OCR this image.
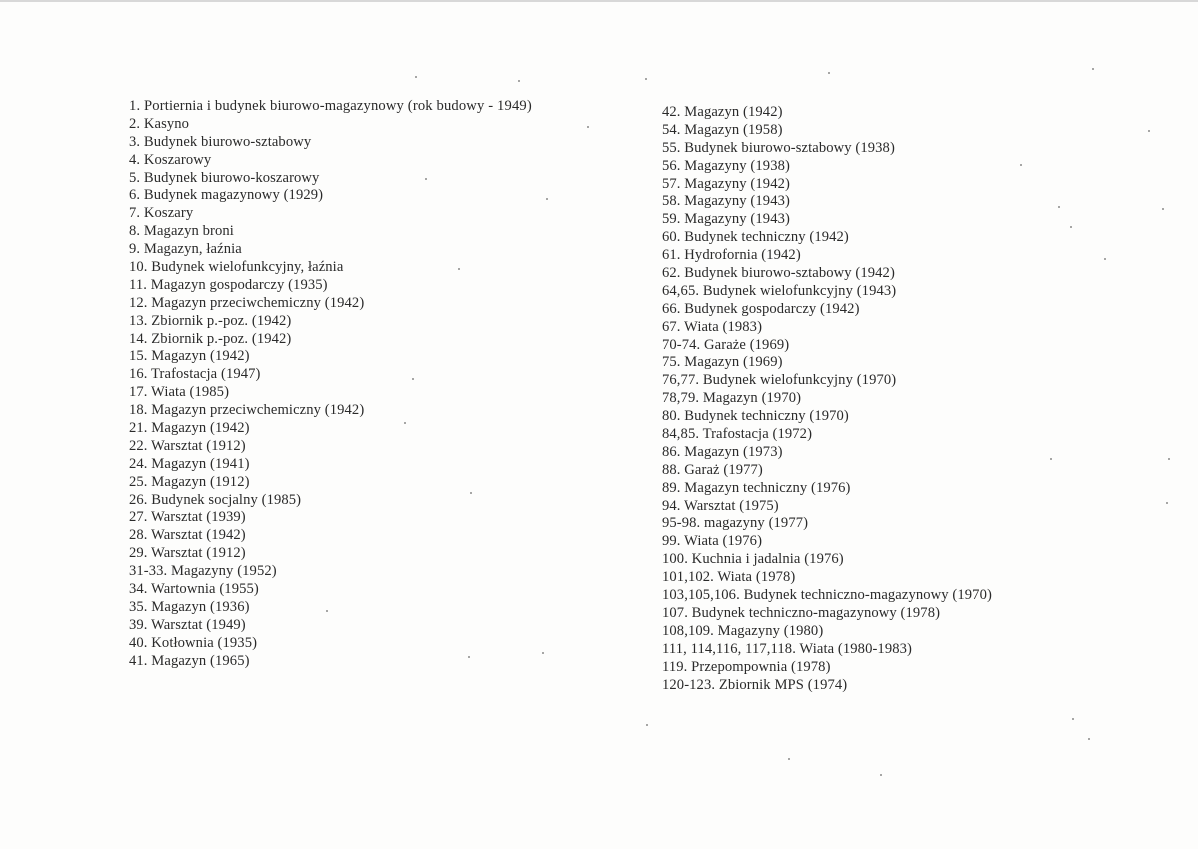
1. Portiernia i budynek biurowo-magazynowy (rok budowy - 1949)
2. Kasyno
3. Budynek biurowo-sztabowy
4. Koszarowy
5. Budynek biurowo-koszarowy
6. Budynek magazynowy (1929)
7. Koszary
8. Magazyn broni
9. Magazyn, łaźnia
10. Budynek wielofunkcyjny, łaźnia
11. Magazyn gospodarczy (1935)
12. Magazyn przeciwchemiczny (1942)
13. Zbiornik p.-poz. (1942)
14. Zbiornik p.-poz. (1942)
15. Magazyn (1942)
16. Trafostacja (1947)
17. Wiata (1985)
18. Magazyn przeciwchemiczny (1942)
21. Magazyn (1942)
22. Warsztat (1912)
24. Magazyn (1941)
25. Magazyn (1912)
26. Budynek socjalny (1985)
27. Warsztat (1939)
28. Warsztat (1942)
29. Warsztat (1912)
31-33. Magazyny (1952)
34. Wartownia (1955)
35. Magazyn (1936)
39. Warsztat (1949)
40. Kotłownia (1935)
41. Magazyn (1965)
42. Magazyn (1942)
54. Magazyn (1958)
55. Budynek biurowo-sztabowy (1938)
56. Magazyny (1938)
57. Magazyny (1942)
58. Magazyny (1943)
59. Magazyny (1943)
60. Budynek techniczny (1942)
61. Hydrofornia (1942)
62. Budynek biurowo-sztabowy (1942)
64,65. Budynek wielofunkcyjny (1943)
66. Budynek gospodarczy (1942)
67. Wiata (1983)
70-74. Garaże (1969)
75. Magazyn (1969)
76,77. Budynek wielofunkcyjny (1970)
78,79. Magazyn (1970)
80. Budynek techniczny (1970)
84,85. Trafostacja (1972)
86. Magazyn (1973)
88. Garaż (1977)
89. Magazyn techniczny (1976)
94. Warsztat (1975)
95-98. magazyny (1977)
99. Wiata (1976)
100. Kuchnia i jadalnia (1976)
101,102. Wiata (1978)
103,105,106. Budynek techniczno-magazynowy (1970)
107. Budynek techniczno-magazynowy (1978)
108,109. Magazyny (1980)
111, 114,116, 117,118. Wiata (1980-1983)
119. Przepompownia (1978)
120-123. Zbiornik MPS (1974)
